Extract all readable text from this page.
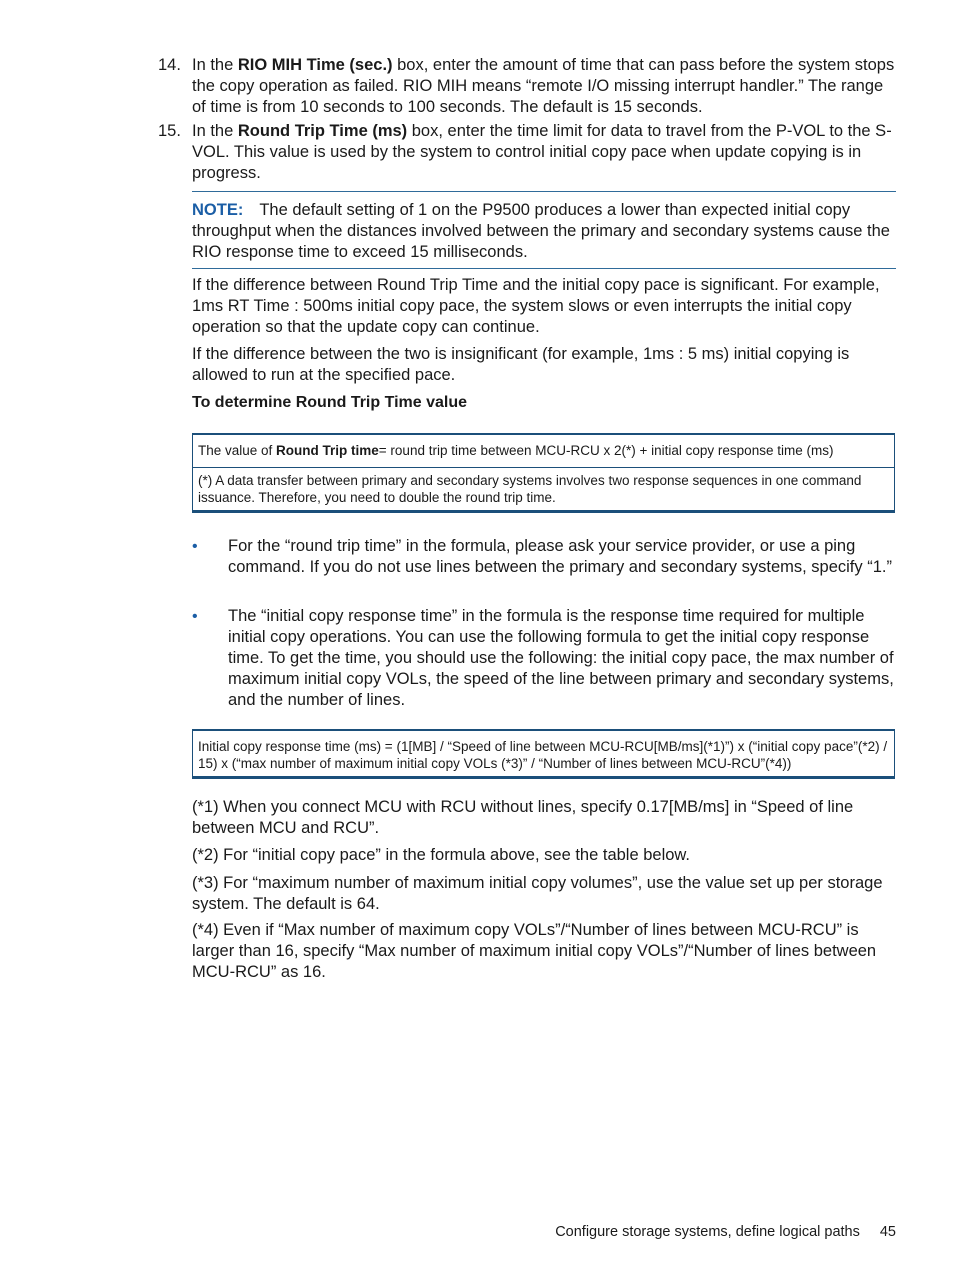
14. In the RIO MIH Time (sec.) box, enter the amount of time that can pass before the system stops the copy operation as failed. RIO MIH means “remote I/O missing interrupt handler.” The range of time is from 10 seconds to 100 seconds. The default is 15 seconds.
15. In the Round Trip Time (ms) box, enter the time limit for data to travel from the P-VOL to the S-VOL. This value is used by the system to control initial copy pace when update copying is in progress.

NOTE: The default setting of 1 on the P9500 produces a lower than expected initial copy throughput when the distances involved between the primary and secondary systems cause the RIO response time to exceed 15 milliseconds.

If the difference between Round Trip Time and the initial copy pace is significant. For example, 1ms RT Time : 500ms initial copy pace, the system slows or even interrupts the initial copy operation so that the update copy can continue.

If the difference between the two is insignificant (for example, 1ms : 5 ms) initial copying is allowed to run at the specified pace.

To determine Round Trip Time value

The value of Round Trip time= round trip time between MCU-RCU x 2(*) + initial copy response time (ms)
(*) A data transfer between primary and secondary systems involves two response sequences in one command issuance. Therefore, you need to double the round trip time.
• For the “round trip time” in the formula, please ask your service provider, or use a ping command. If you do not use lines between the primary and secondary systems, specify “1.”
• The “initial copy response time” in the formula is the response time required for multiple initial copy operations. You can use the following formula to get the initial copy response time. To get the time, you should use the following: the initial copy pace, the max number of maximum initial copy VOLs, the speed of the line between primary and secondary systems, and the number of lines.
Initial copy response time (ms) = (1[MB] / “Speed of line between MCU-RCU[MB/ms](*1)”) x (“initial copy pace”(*2) / 15) x (“max number of maximum initial copy VOLs (*3)” / “Number of lines between MCU-RCU”(*4))

(*1) When you connect MCU with RCU without lines, specify 0.17[MB/ms] in “Speed of line between MCU and RCU”.

(*2) For “initial copy pace” in the formula above, see the table below.

(*3) For “maximum number of maximum initial copy volumes”, use the value set up per storage system. The default is 64.

(*4) Even if “Max number of maximum copy VOLs”/“Number of lines between MCU-RCU” is larger than 16, specify “Max number of maximum initial copy VOLs”/“Number of lines between MCU-RCU” as 16.

Configure storage systems, define logical paths 45
